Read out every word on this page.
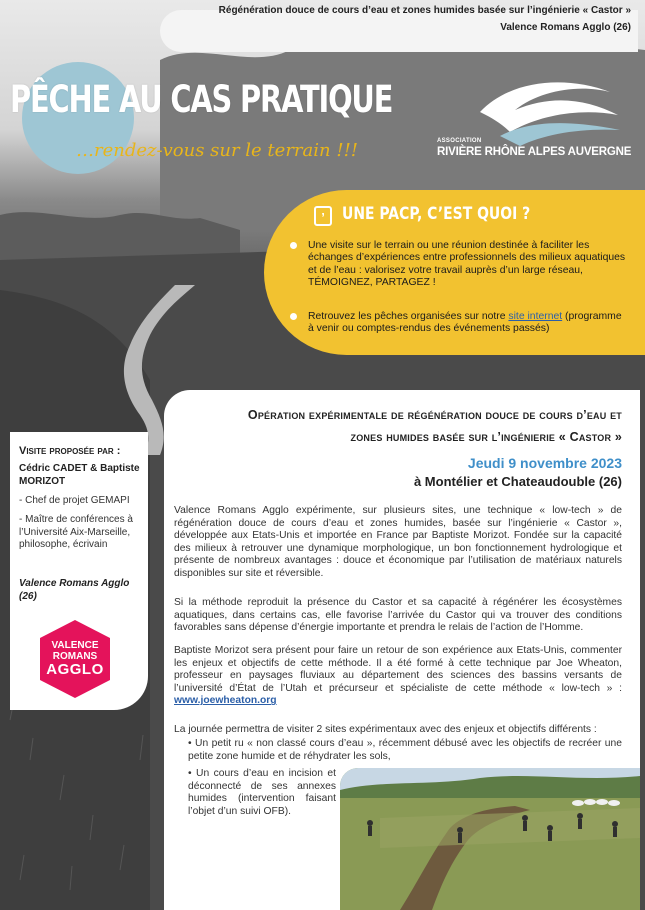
Régénération douce de cours d’eau et zones humides basée sur l’ingénierie « Castor »
Valence Romans Agglo (26)
PÊCHE AU CAS PRATIQUE
…rendez-vous sur le terrain !!!	ASSOCIATION
RIVIÈRE RHÔNE ALPES AUVERGNE
’	UNE PACP, C’EST QUOI ?
Une visite sur le terrain ou une réunion destinée à faciliter les échanges d’expériences entre professionnels des milieux aquatiques et de l’eau : valorisez votre travail auprès d’un large réseau, TÉMOIGNEZ, PARTAGEZ !
Retrouvez les pêches organisées sur notre site internet (programme à venir ou comptes-rendus des événements passés)
Opération expérimentale de régénération douce de cours d’eau et
zones humides basée sur l’ingénierie « Castor »
Jeudi 9 novembre 2023
à Montélier et Chateaudouble (26)
Valence Romans Agglo expérimente, sur plusieurs sites, une technique « low-tech » de régénération douce de cours d’eau et zones humides, basée sur l’ingénierie « Castor », développée aux Etats-Unis et importée en France par Baptiste Morizot. Fondée sur la capacité des milieux à retrouver une dynamique morphologique, un bon fonctionnement hydrologique et présente de nombreux avantages : douce et économique par l’utilisation de matériaux naturels disponibles sur site et réversible.
Si la méthode reproduit la présence du Castor et sa capacité à régénérer les écosystèmes aquatiques, dans certains cas, elle favorise l’arrivée du Castor qui va trouver des conditions favorables sans dépense d’énergie importante et prendra le relais de l’action de l’Homme.
Baptiste Morizot sera présent pour faire un retour de son expérience aux Etats-Unis, commenter les enjeux et objectifs de cette méthode. Il a été formé à cette technique par Joe Wheaton, professeur en paysages fluviaux au département des sciences des bassins versants de l’université d’État de l’Utah et précurseur et spécialiste de cette méthode « low-tech » : www.joewheaton.org
La journée permettra de visiter 2 sites expérimentaux avec des enjeux et objectifs différents :
• Un petit ru « non classé cours d’eau », récemment débusé avec les objectifs de recréer une petite zone humide et de réhydrater les sols,
• Un cours d’eau en incision et déconnecté de ses annexes humides (intervention faisant l’objet d’un suivi OFB).
Visite proposée par :
Cédric CADET & Baptiste MORIZOT
- Chef de projet GEMAPI
- Maître de conférences à l’Université Aix-Marseille, philosophe, écrivain
Valence Romans Agglo (26)
VALENCE
ROMANS
AGGLO
